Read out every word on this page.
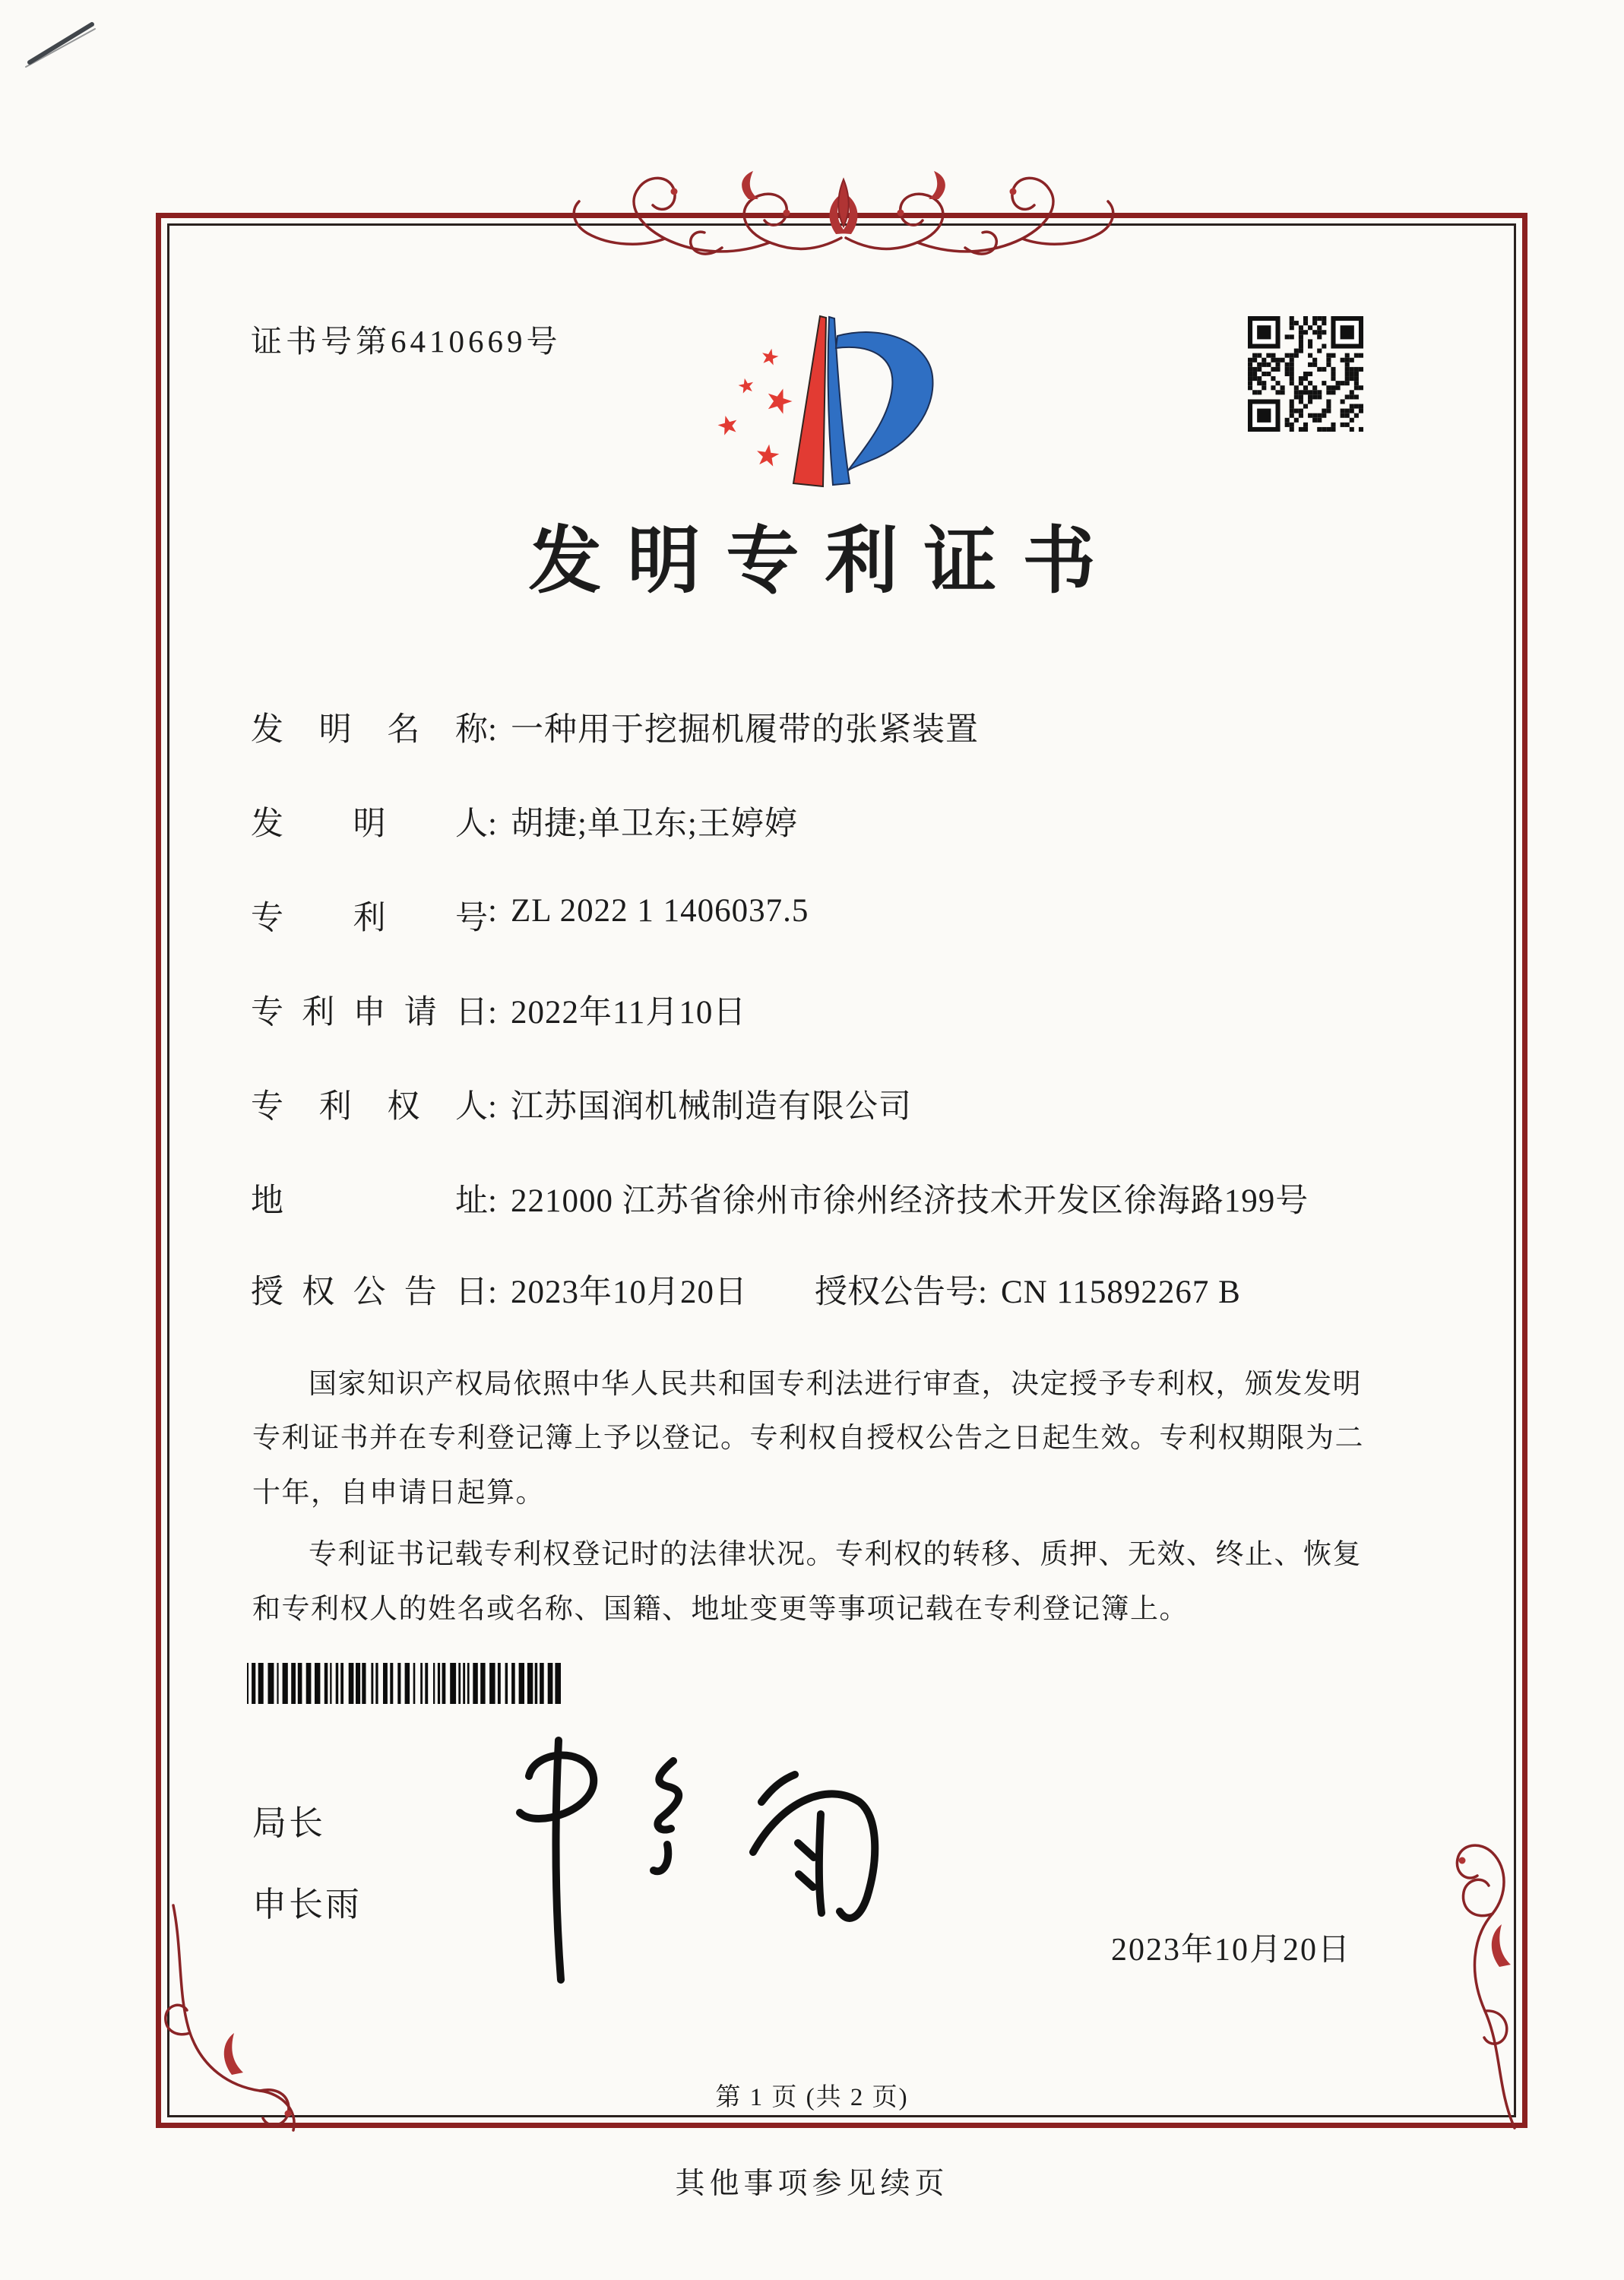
证书号第6410669号
发明专利证书
发明名称: 一种用于挖掘机履带的张紧装置
发明人: 胡捷;单卫东;王婷婷
专利号: ZL 2022 1 1406037.5
专利申请日: 2022年11月10日
专利权人: 江苏国润机械制造有限公司
地址: 221000 江苏省徐州市徐州经济技术开发区徐海路199号
授权公告日: 2023年10月20日 授权公告号: CN 115892267 B

国家知识产权局依照中华人民共和国专利法进行审查，决定授予专利权，颁发发明专利证书并在专利登记簿上予以登记。专利权自授权公告之日起生效。专利权期限为二十年，自申请日起算。

专利证书记载专利权登记时的法律状况。专利权的转移、质押、无效、终止、恢复和专利权人的姓名或名称、国籍、地址变更等事项记载在专利登记簿上。

局长
申长雨
2023年10月20日
第 1 页 (共 2 页)
其他事项参见续页
